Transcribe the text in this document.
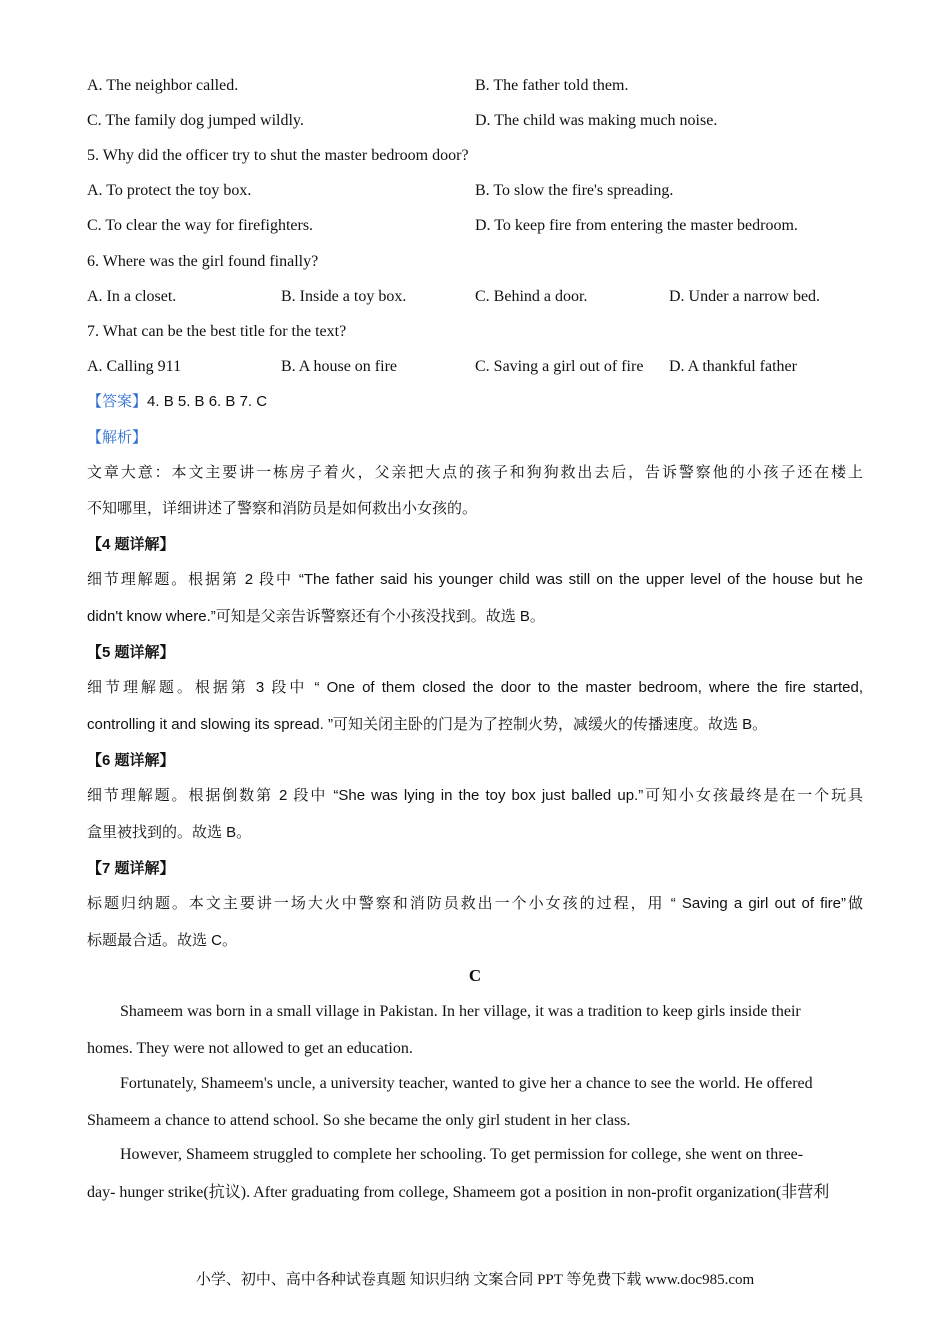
A. The neighbor called.	B. The father told them.
C. The family dog jumped wildly.	D. The child was making much noise.
5. Why did the officer try to shut the master bedroom door?
A. To protect the toy box.	B. To slow the fire's spreading.
C. To clear the way for firefighters.	D. To keep fire from entering the master bedroom.
6. Where was the girl found finally?
A. In a closet.	B. Inside a toy box.	C. Behind a door.	D. Under a narrow bed.
7. What can be the best title for the text?
A. Calling 911	B. A house on fire	C. Saving a girl out of fire D. A thankful father
【答案】4. B 5. B 6. B 7. C
【解析】
文章大意：本文主要讲一栋房子着火，父亲把大点的孩子和狗狗救出去后，告诉警察他的小孩子还在楼上
不知哪里，详细讲述了警察和消防员是如何救出小女孩的。
【4 题详解】
细节理解题。根据第 2 段中 “The father said his younger child was still on the upper level of the house but he
didn't know where.”可知是父亲告诉警察还有个小孩没找到。故选 B。
【5 题详解】
细节理解题。根据第 3 段中 “ One of them closed the door to the master bedroom, where the fire started,
controlling it and slowing its spread. ”可知关闭主卧的门是为了控制火势，减缓火的传播速度。故选 B。
【6 题详解】
细节理解题。根据倒数第 2 段中 “She was lying in the toy box just balled up.”可知小女孩最终是在一个玩具
盒里被找到的。故选 B。
【7 题详解】
标题归纳题。本文主要讲一场大火中警察和消防员救出一个小女孩的过程，用 “ Saving a girl out of fire”做
标题最合适。故选 C。
C
Shameem was born in a small village in Pakistan. In her village, it was a tradition to keep girls inside their
homes. They were not allowed to get an education.
Fortunately, Shameem's uncle, a university teacher, wanted to give her a chance to see the world. He offered
Shameem a chance to attend school. So she became the only girl student in her class.
However, Shameem struggled to complete her schooling. To get permission for college, she went on three-
day- hunger strike(抗议). After graduating from college, Shameem got a position in non-profit organization(非营利
小学、初中、高中各种试卷真题 知识归纳 文案合同 PPT 等免费下载 www.doc985.com
